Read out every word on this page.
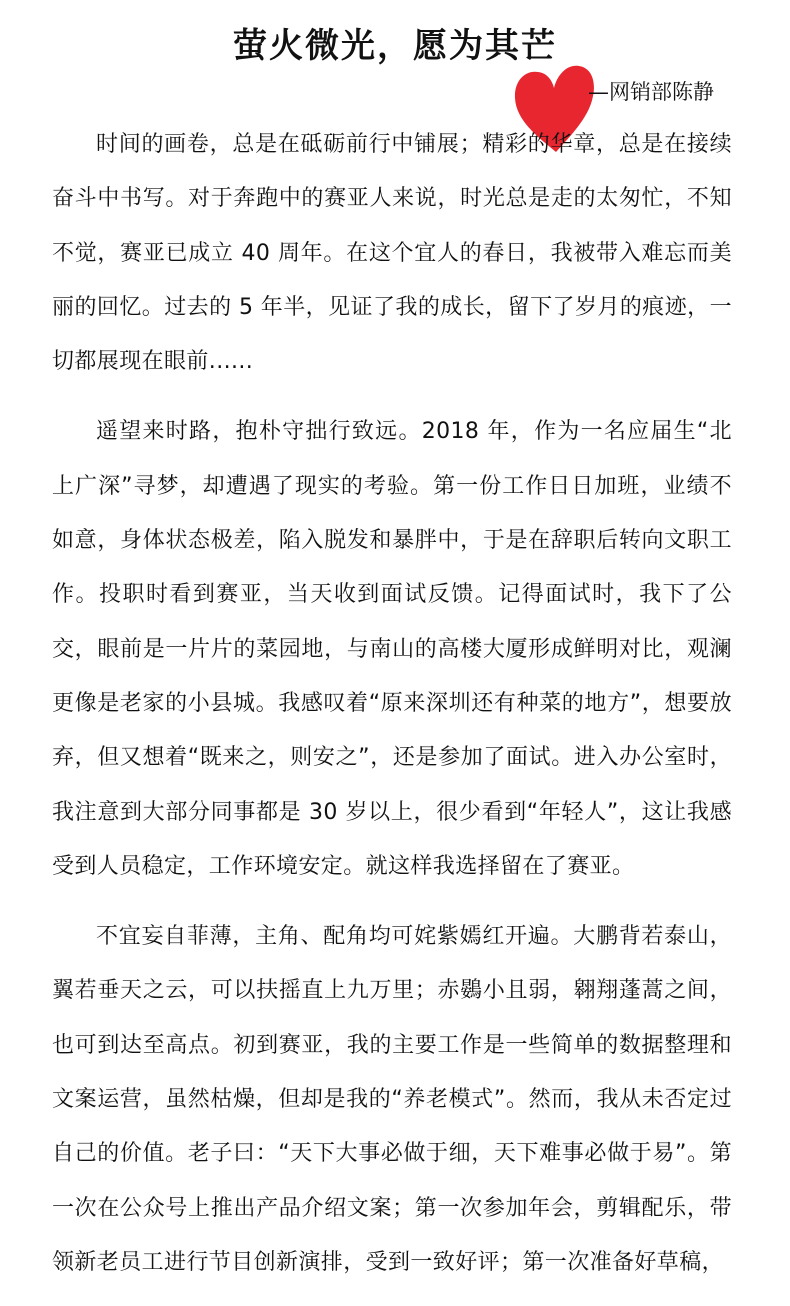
萤火微光，愿为其芒
—网销部陈静

时间的画卷，总是在砥砺前行中铺展；精彩的华章，总是在接续奋斗中书写。对于奔跑中的赛亚人来说，时光总是走的太匆忙，不知不觉，赛亚已成立 40 周年。在这个宜人的春日，我被带入难忘而美丽的回忆。过去的 5 年半，见证了我的成长，留下了岁月的痕迹，一切都展现在眼前......

遥望来时路，抱朴守拙行致远。2018 年，作为一名应届生“北上广深”寻梦，却遭遇了现实的考验。第一份工作日日加班，业绩不如意，身体状态极差，陷入脱发和暴胖中，于是在辞职后转向文职工作。投职时看到赛亚，当天收到面试反馈。记得面试时，我下了公交，眼前是一片片的菜园地，与南山的高楼大厦形成鲜明对比，观澜更像是老家的小县城。我感叹着“原来深圳还有种菜的地方”，想要放弃，但又想着“既来之，则安之”，还是参加了面试。进入办公室时，我注意到大部分同事都是 30 岁以上，很少看到“年轻人”，这让我感受到人员稳定，工作环境安定。就这样我选择留在了赛亚。

不宜妄自菲薄，主角、配角均可姹紫嫣红开遍。大鹏背若泰山，翼若垂天之云，可以扶摇直上九万里；赤鷃小且弱，翱翔蓬蒿之间，也可到达至高点。初到赛亚，我的主要工作是一些简单的数据整理和文案运营，虽然枯燥，但却是我的“养老模式”。然而，我从未否定过自己的价值。老子曰：“天下大事必做于细，天下难事必做于易”。第一次在公众号上推出产品介绍文案；第一次参加年会，剪辑配乐，带领新老员工进行节目创新演排，受到一致好评；第一次准备好草稿，
